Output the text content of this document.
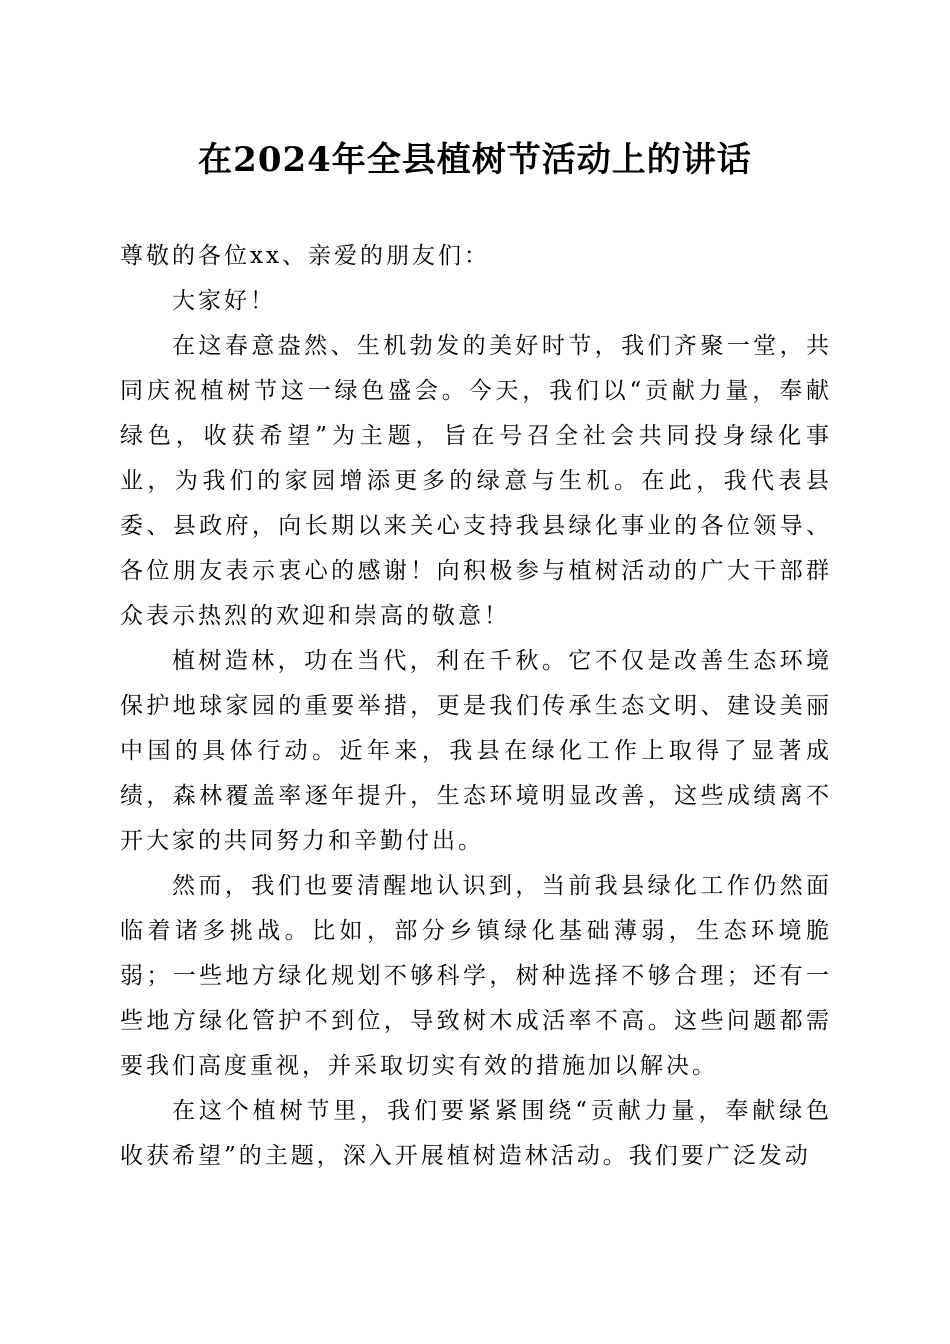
在2024年全县植树节活动上的讲话

尊敬的各位xx、亲爱的朋友们：

大家好！

在这春意盎然、生机勃发的美好时节，我们齐聚一堂，共同庆祝植树节这一绿色盛会。今天，我们以“贡献力量，奉献绿色，收获希望”为主题，旨在号召全社会共同投身绿化事业，为我们的家园增添更多的绿意与生机。在此，我代表县委、县政府，向长期以来关心支持我县绿化事业的各位领导、各位朋友表示衷心的感谢！向积极参与植树活动的广大干部群众表示热烈的欢迎和崇高的敬意！

植树造林，功在当代，利在千秋。它不仅是改善生态环境保护地球家园的重要举措，更是我们传承生态文明、建设美丽中国的具体行动。近年来，我县在绿化工作上取得了显著成绩，森林覆盖率逐年提升，生态环境明显改善，这些成绩离不开大家的共同努力和辛勤付出。

然而，我们也要清醒地认识到，当前我县绿化工作仍然面临着诸多挑战。比如，部分乡镇绿化基础薄弱，生态环境脆弱；一些地方绿化规划不够科学，树种选择不够合理；还有一些地方绿化管护不到位，导致树木成活率不高。这些问题都需要我们高度重视，并采取切实有效的措施加以解决。

在这个植树节里，我们要紧紧围绕“贡献力量，奉献绿色收获希望”的主题，深入开展植树造林活动。我们要广泛发动
